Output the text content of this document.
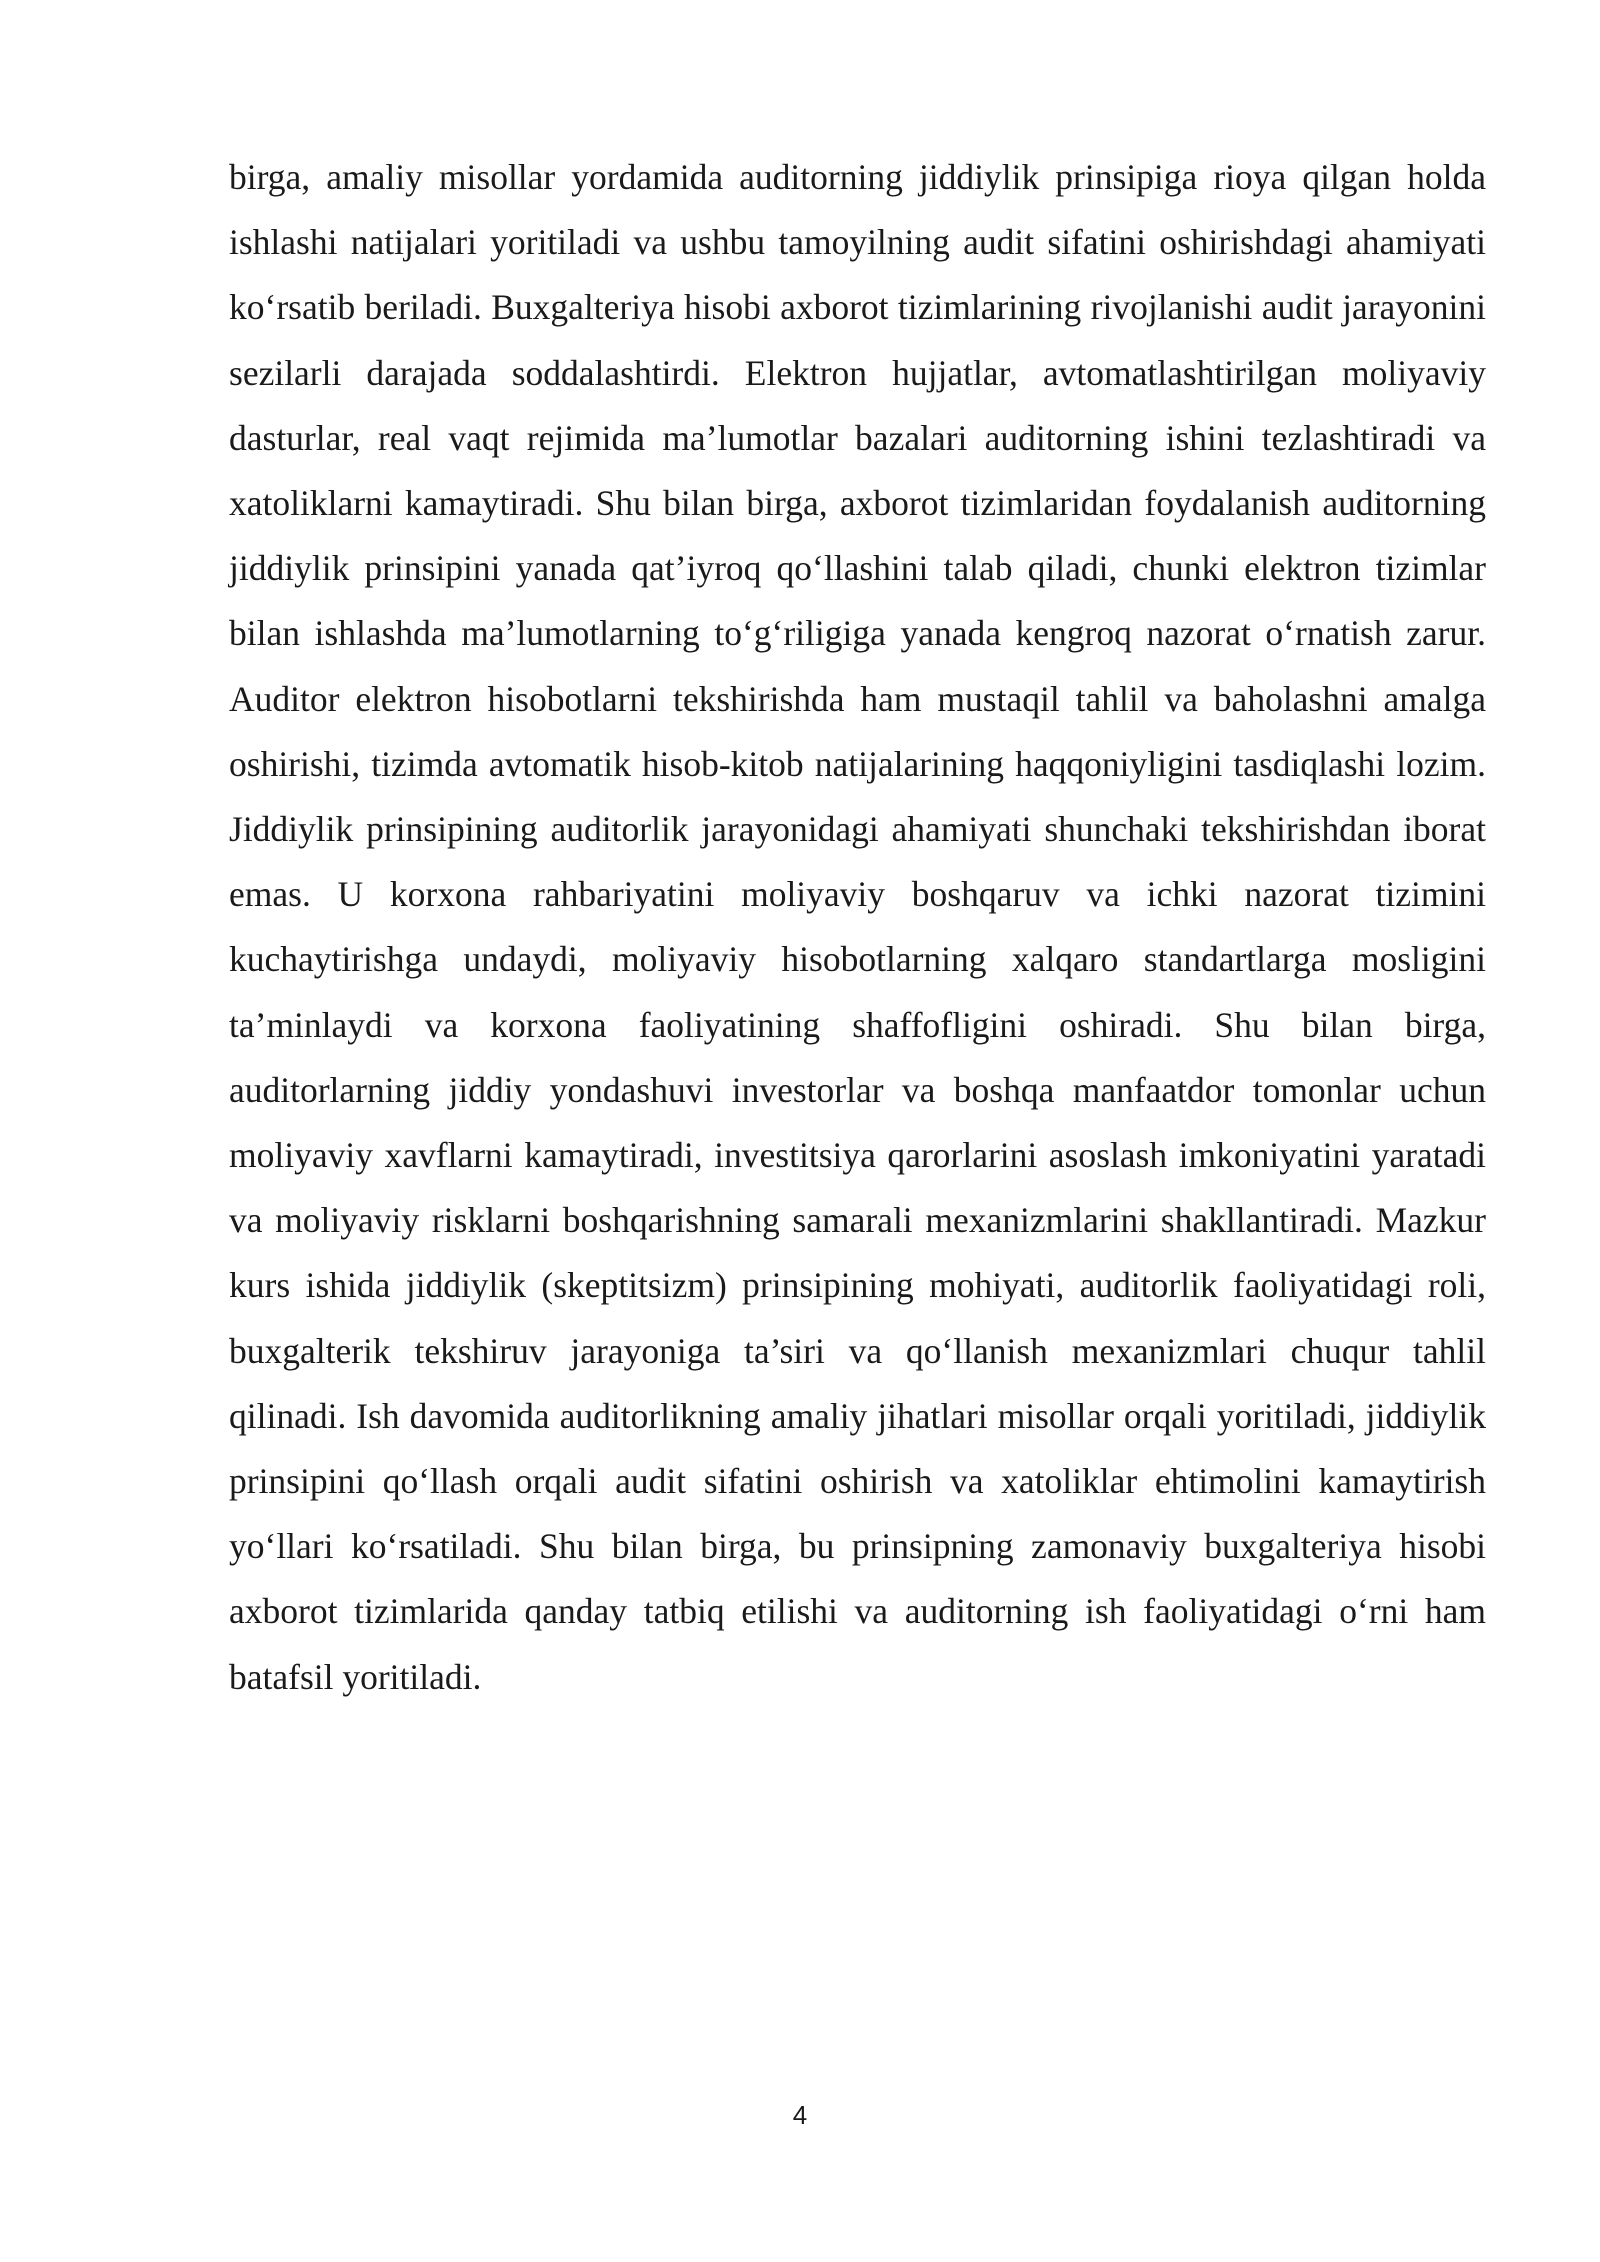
birga, amaliy misollar yordamida auditorning jiddiylik prinsipiga rioya qilgan holda ishlashi natijalari yoritiladi va ushbu tamoyilning audit sifatini oshirishdagi ahamiyati ko‘rsatib beriladi. Buxgalteriya hisobi axborot tizimlarining rivojlanishi audit jarayonini sezilarli darajada soddalashtirdi. Elektron hujjatlar, avtomatlashtirilgan moliyaviy dasturlar, real vaqt rejimida ma’lumotlar bazalari auditorning ishini tezlashtiradi va xatoliklarni kamaytiradi. Shu bilan birga, axborot tizimlaridan foydalanish auditorning jiddiylik prinsipini yanada qat’iyroq qo‘llashini talab qiladi, chunki elektron tizimlar bilan ishlashda ma’lumotlarning to‘g‘riligiga yanada kengroq nazorat o‘rnatish zarur. Auditor elektron hisobotlarni tekshirishda ham mustaqil tahlil va baholashni amalga oshirishi, tizimda avtomatik hisob-kitob natijalarining haqqoniyligini tasdiqlashi lozim. Jiddiylik prinsipining auditorlik jarayonidagi ahamiyati shunchaki tekshirishdan iborat emas. U korxona rahbariyatini moliyaviy boshqaruv va ichki nazorat tizimini kuchaytirishga undaydi, moliyaviy hisobotlarning xalqaro standartlarga mosligini ta’minlaydi va korxona faoliyatining shaffofligini oshiradi. Shu bilan birga, auditorlarning jiddiy yondashuvi investorlar va boshqa manfaatdor tomonlar uchun moliyaviy xavflarni kamaytiradi, investitsiya qarorlarini asoslash imkoniyatini yaratadi va moliyaviy risklarni boshqarishning samarali mexanizmlarini shakllantiradi. Mazkur kurs ishida jiddiylik (skeptitsizm) prinsipining mohiyati, auditorlik faoliyatidagi roli, buxgalterik tekshiruv jarayoniga ta’siri va qo‘llanish mexanizmlari chuqur tahlil qilinadi. Ish davomida auditorlikning amaliy jihatlari misollar orqali yoritiladi, jiddiylik prinsipini qo‘llash orqali audit sifatini oshirish va xatoliklar ehtimolini kamaytirish yo‘llari ko‘rsatiladi. Shu bilan birga, bu prinsipning zamonaviy buxgalteriya hisobi axborot tizimlarida qanday tatbiq etilishi va auditorning ish faoliyatidagi o‘rni ham batafsil yoritiladi.

4
